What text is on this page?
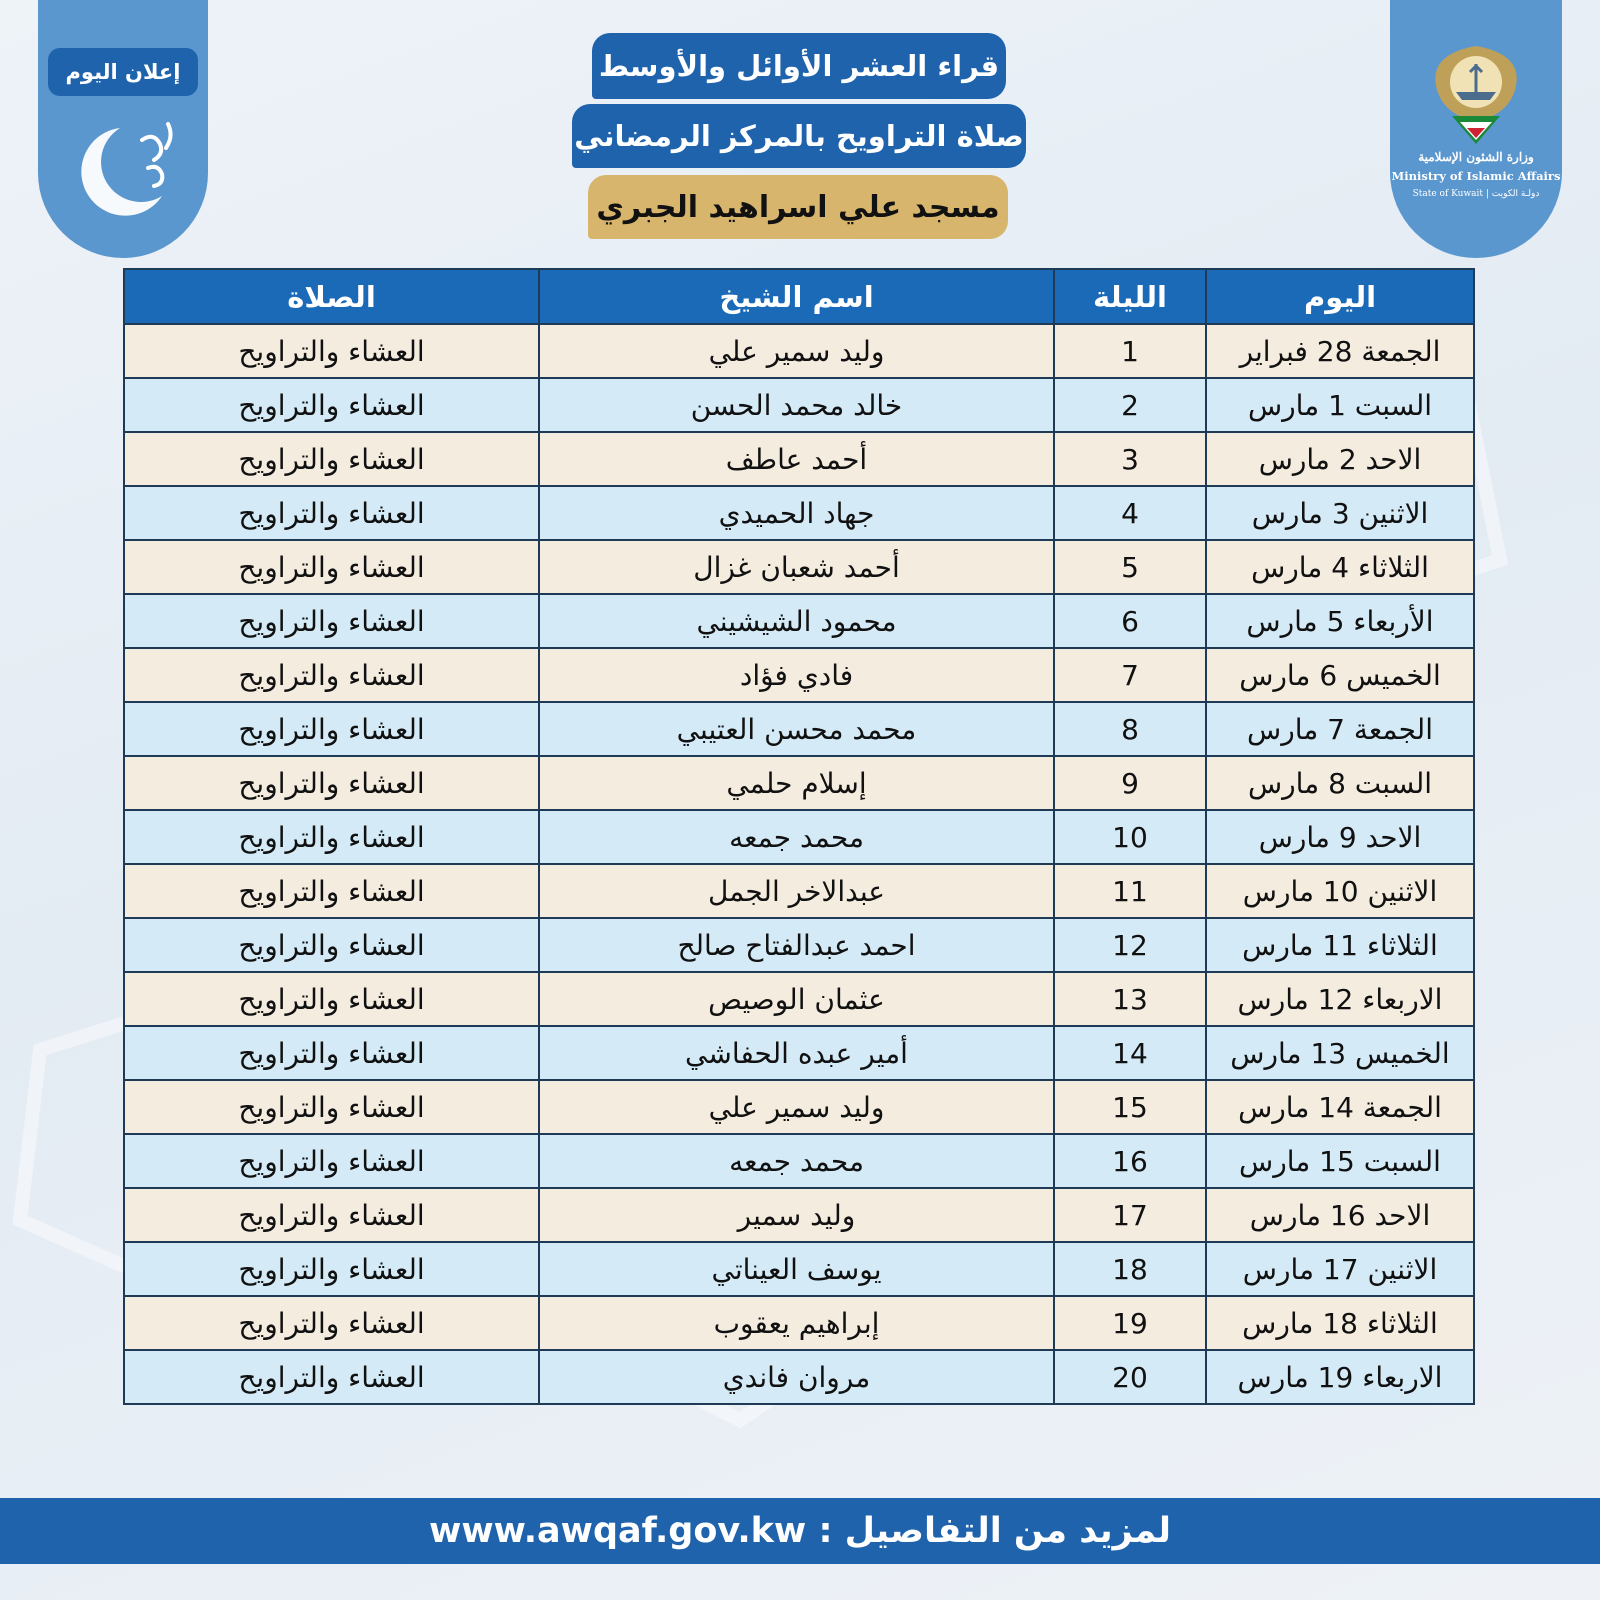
إعلان اليوم
وزارة الشئون الإسلامية
Ministry of Islamic Affairs
State of Kuwait | دولـة الكويت
قراء العشر الأوائل والأوسط
صلاة التراويح بالمركز الرمضاني
مسجد علي اسراهيد الجبري
اليوم	الليلة	اسم الشيخ	الصلاة
الجمعة 28 فبراير	1	وليد سمير علي	العشاء والتراويح
السبت 1 مارس	2	خالد محمد الحسن	العشاء والتراويح
الاحد 2 مارس	3	أحمد عاطف	العشاء والتراويح
الاثنين 3 مارس	4	جهاد الحميدي	العشاء والتراويح
الثلاثاء 4 مارس	5	أحمد شعبان غزال	العشاء والتراويح
الأربعاء 5 مارس	6	محمود الشيشيني	العشاء والتراويح
الخميس 6 مارس	7	فادي فؤاد	العشاء والتراويح
الجمعة 7 مارس	8	محمد محسن العتيبي	العشاء والتراويح
السبت 8 مارس	9	إسلام حلمي	العشاء والتراويح
الاحد 9 مارس	10	محمد جمعه	العشاء والتراويح
الاثنين 10 مارس	11	عبدالاخر الجمل	العشاء والتراويح
الثلاثاء 11 مارس	12	احمد عبدالفتاح صالح	العشاء والتراويح
الاربعاء 12 مارس	13	عثمان الوصيص	العشاء والتراويح
الخميس 13 مارس	14	أمير عبده الحفاشي	العشاء والتراويح
الجمعة 14 مارس	15	وليد سمير علي	العشاء والتراويح
السبت 15 مارس	16	محمد جمعه	العشاء والتراويح
الاحد 16 مارس	17	وليد سمير	العشاء والتراويح
الاثنين 17 مارس	18	يوسف العيناتي	العشاء والتراويح
الثلاثاء 18 مارس	19	إبراهيم يعقوب	العشاء والتراويح
الاربعاء 19 مارس	20	مروان فاندي	العشاء والتراويح
لمزيد من التفاصيل :

www.awqaf.gov.kw
